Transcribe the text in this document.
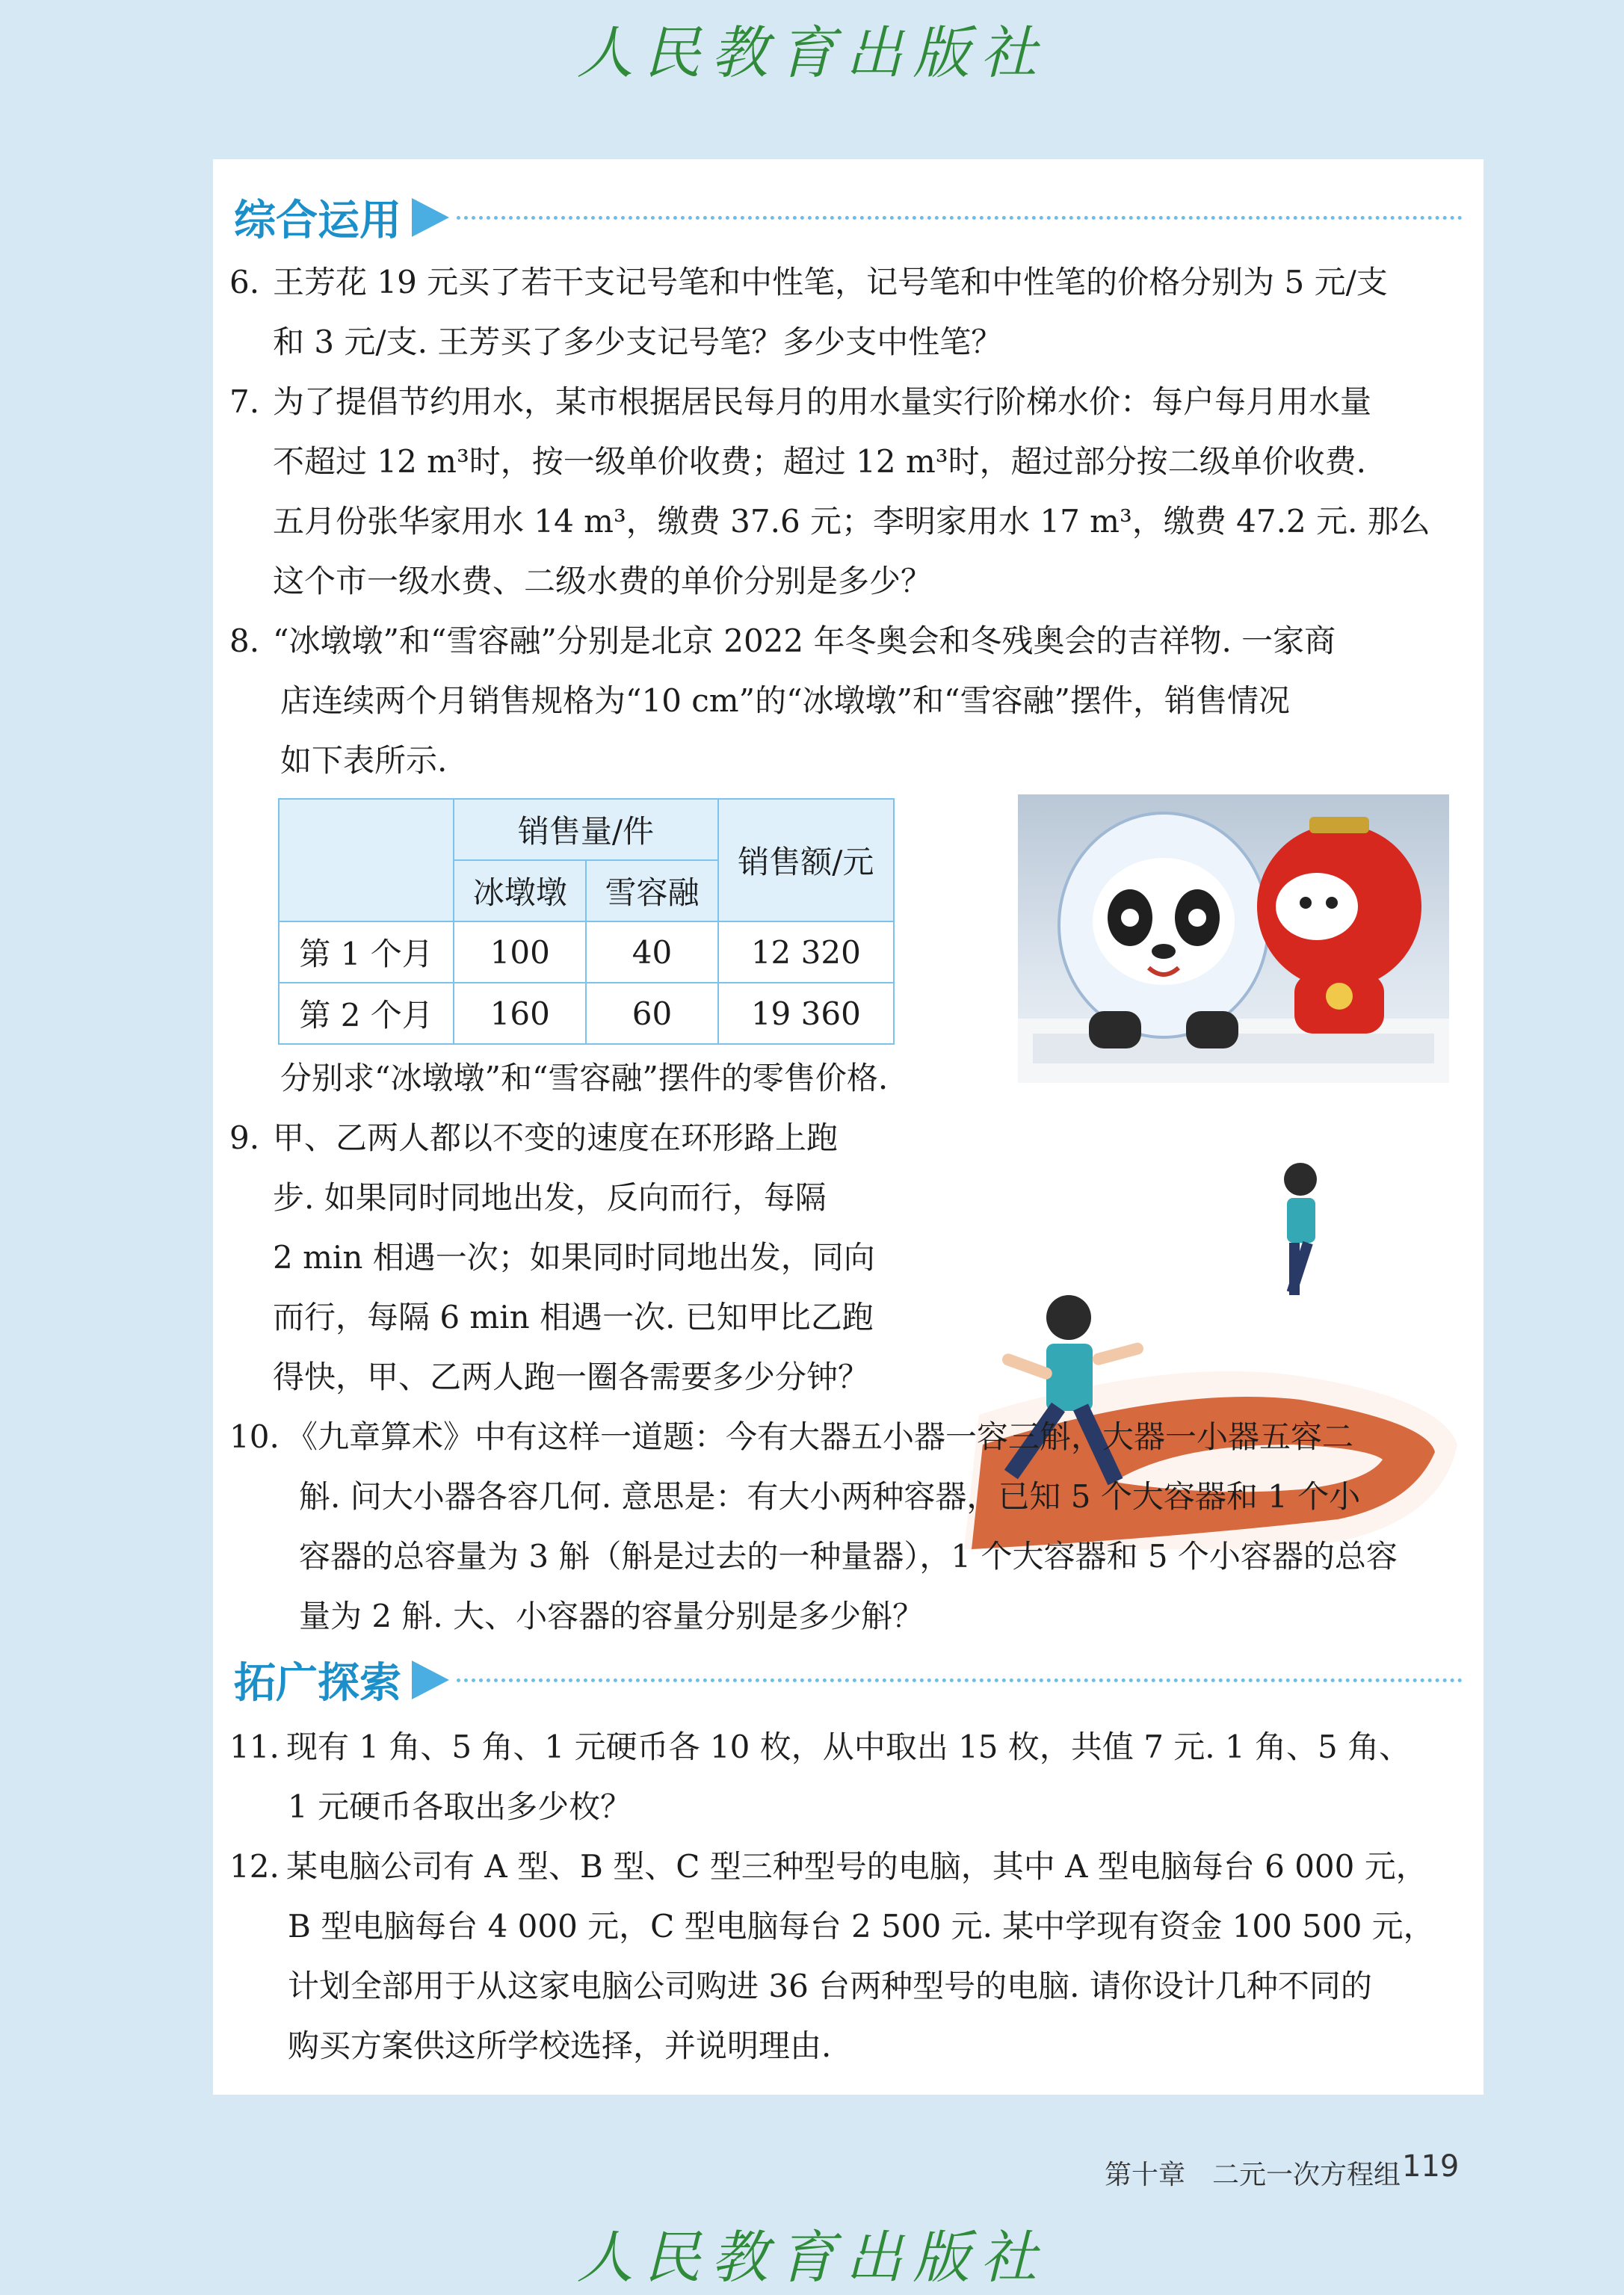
人民教育出版社
综合运用
6. 王芳花 19 元买了若干支记号笔和中性笔，记号笔和中性笔的价格分别为 5 元/支
和 3 元/支. 王芳买了多少支记号笔？多少支中性笔？
7. 为了提倡节约用水，某市根据居民每月的用水量实行阶梯水价：每户每月用水量
不超过 12 m³时，按一级单价收费；超过 12 m³时，超过部分按二级单价收费.
五月份张华家用水 14 m³，缴费 37.6 元；李明家用水 17 m³，缴费 47.2 元. 那么
这个市一级水费、二级水费的单价分别是多少？
8. “冰墩墩”和“雪容融”分别是北京 2022 年冬奥会和冬残奥会的吉祥物. 一家商
店连续两个月销售规格为“10 cm”的“冰墩墩”和“雪容融”摆件，销售情况
如下表所示.
	销售量/件		销售额/元
	冰墩墩	雪容融	
第 1 个月	100	40	12 320
第 2 个月	160	60	19 360
分别求“冰墩墩”和“雪容融”摆件的零售价格.
9. 甲、乙两人都以不变的速度在环形路上跑
步. 如果同时同地出发，反向而行，每隔
2 min 相遇一次；如果同时同地出发，同向
而行，每隔 6 min 相遇一次. 已知甲比乙跑
得快，甲、乙两人跑一圈各需要多少分钟？
10. 《九章算术》中有这样一道题：今有大器五小器一容三斛，大器一小器五容二
斛. 问大小器各容几何. 意思是：有大小两种容器，已知 5 个大容器和 1 个小
容器的总容量为 3 斛（斛是过去的一种量器），1 个大容器和 5 个小容器的总容
量为 2 斛. 大、小容器的容量分别是多少斛？
拓广探索
11. 现有 1 角、5 角、1 元硬币各 10 枚，从中取出 15 枚，共值 7 元. 1 角、5 角、
1 元硬币各取出多少枚？
12. 某电脑公司有 A 型、B 型、C 型三种型号的电脑，其中 A 型电脑每台 6 000 元，
B 型电脑每台 4 000 元，C 型电脑每台 2 500 元. 某中学现有资金 100 500 元，
计划全部用于从这家电脑公司购进 36 台两种型号的电脑. 请你设计几种不同的
购买方案供这所学校选择，并说明理由.
第十章　二元一次方程组 119
人民教育出版社
